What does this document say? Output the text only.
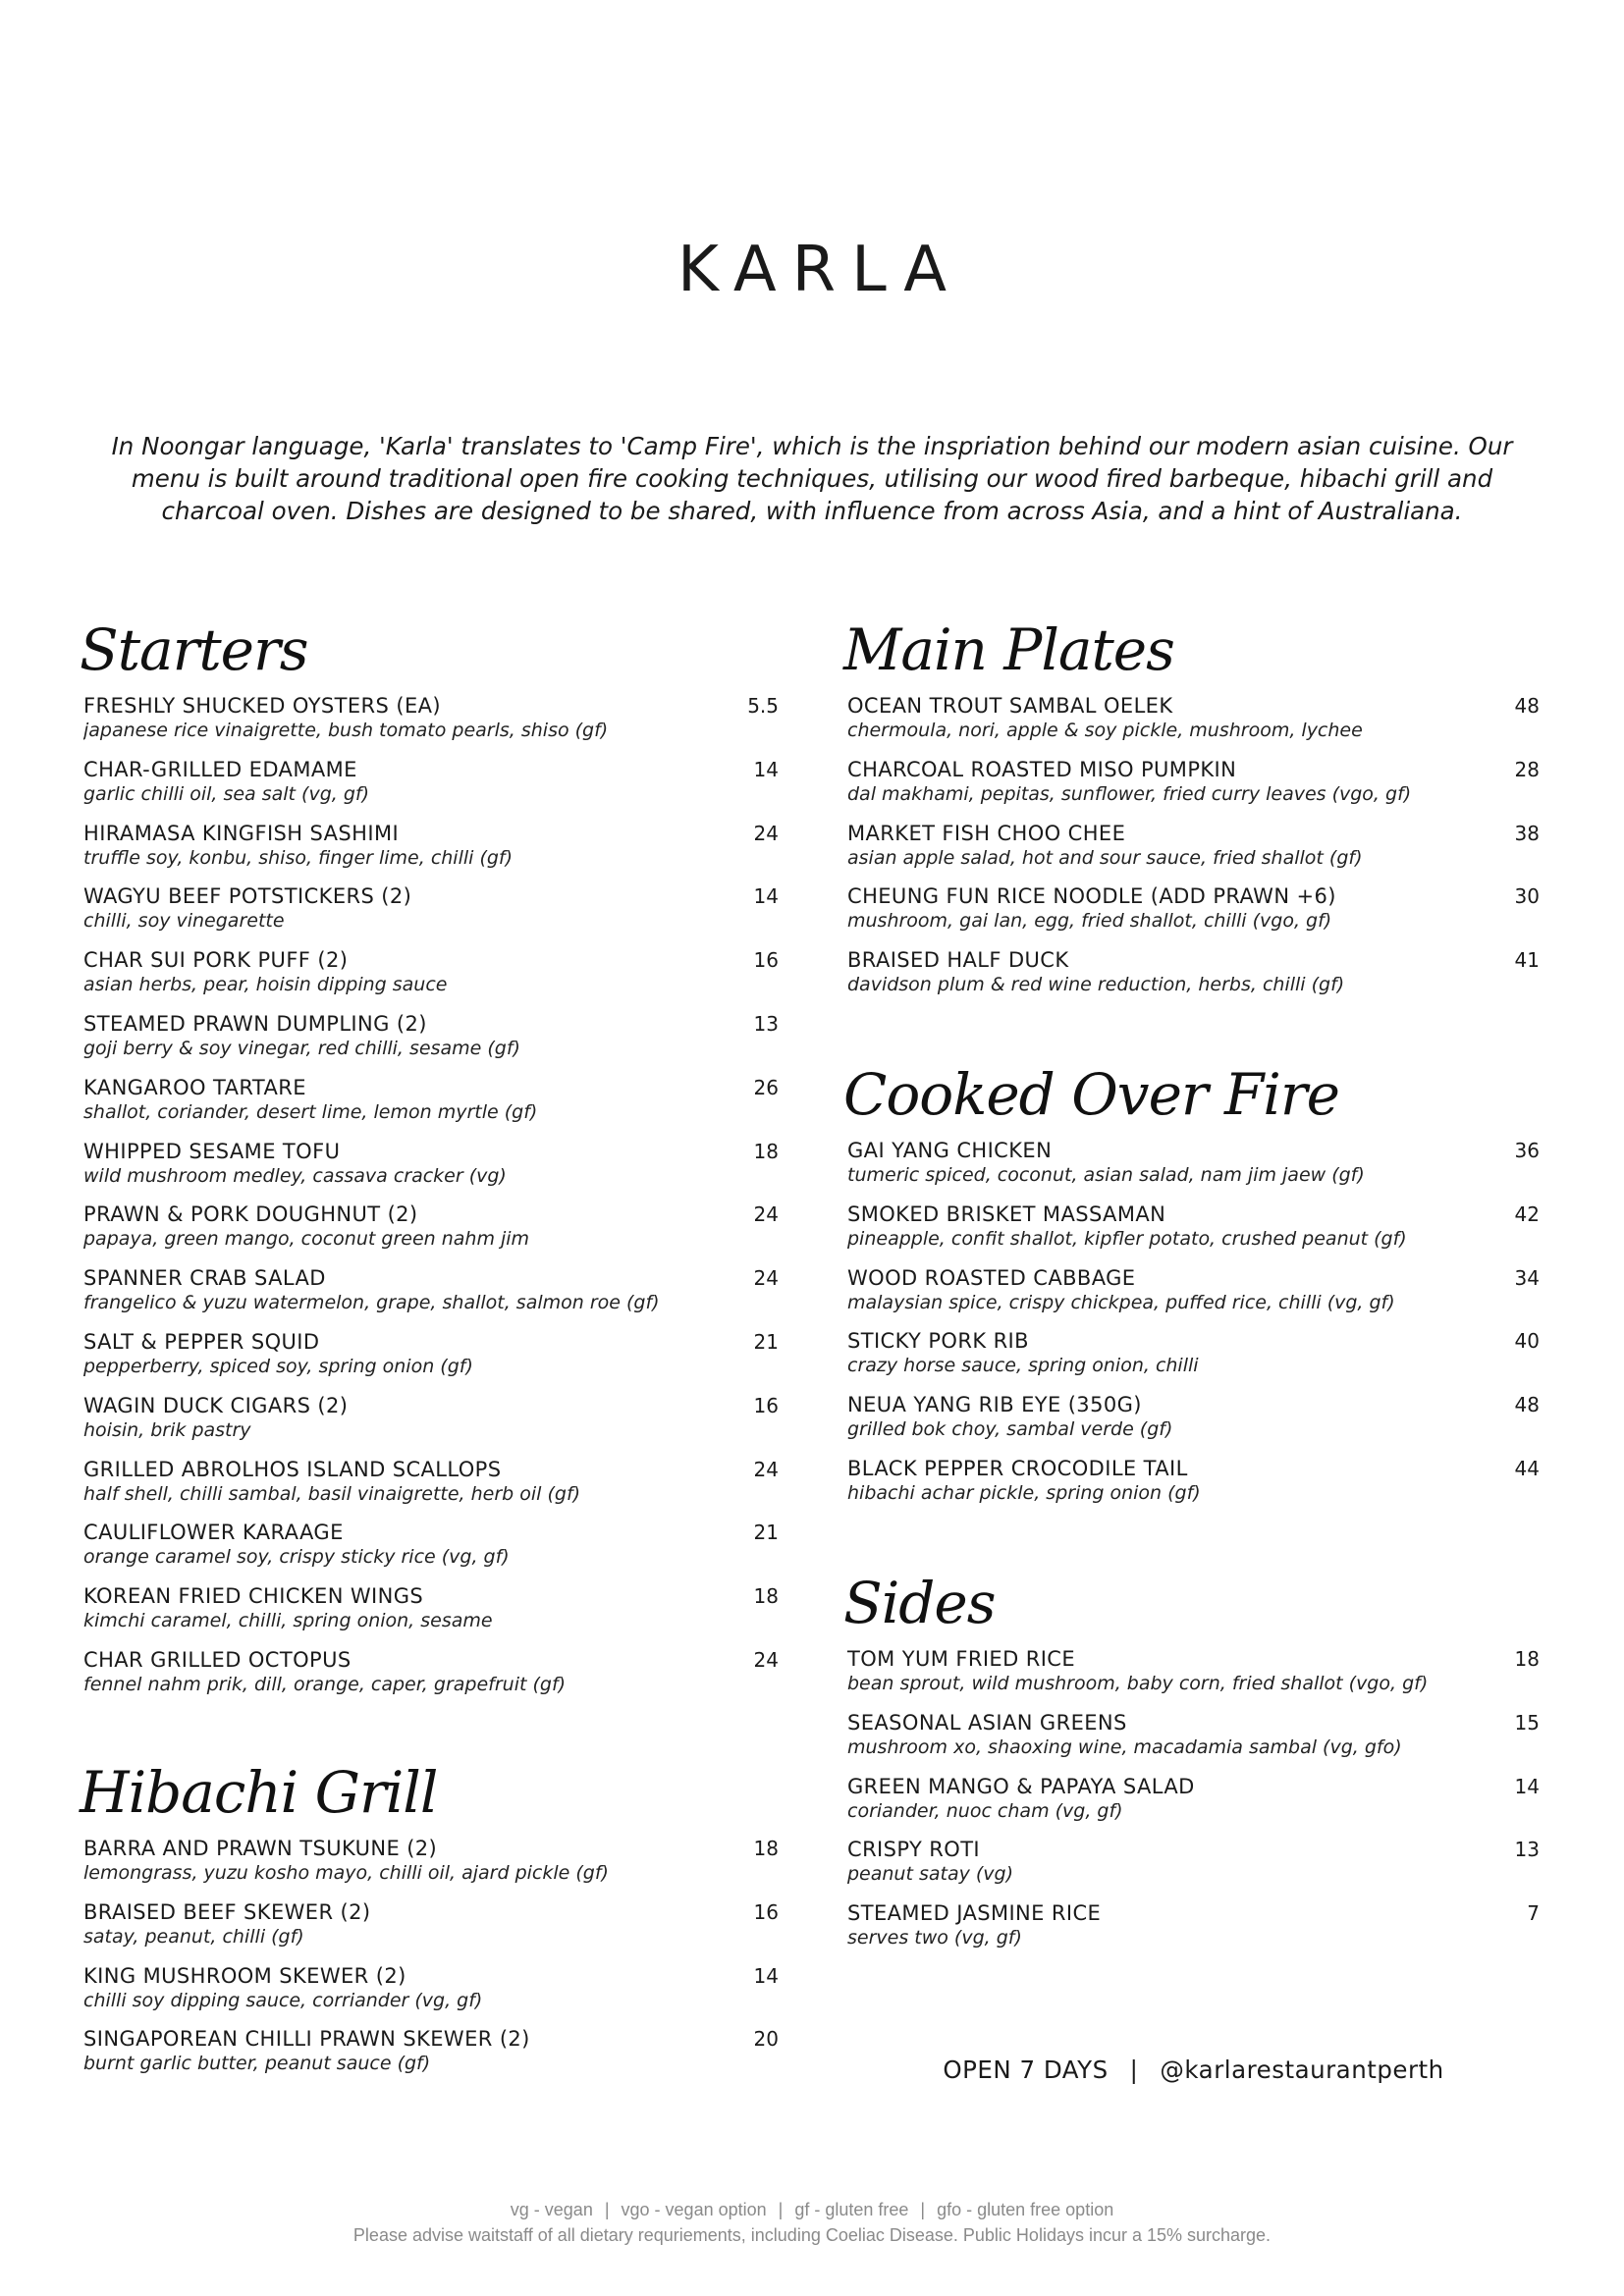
KARLA

In Noongar language, 'Karla' translates to 'Camp Fire', which is the inspriation behind our modern asian cuisine. Our menu is built around traditional open fire cooking techniques, utilising our wood fired barbeque, hibachi grill and charcoal oven. Dishes are designed to be shared, with influence from across Asia, and a hint of Australiana.

Starters
FRESHLY SHUCKED OYSTERS (EA)
japanese rice vinaigrette, bush tomato pearls, shiso (gf)
5.5
CHAR-GRILLED EDAMAME
garlic chilli oil, sea salt (vg, gf)
14
HIRAMASA KINGFISH SASHIMI
truffle soy, konbu, shiso, finger lime, chilli (gf)
24
WAGYU BEEF POTSTICKERS (2)
chilli, soy vinegarette
14
CHAR SUI PORK PUFF (2)
asian herbs, pear, hoisin dipping sauce
16
STEAMED PRAWN DUMPLING (2)
goji berry & soy vinegar, red chilli, sesame (gf)
13
KANGAROO TARTARE
shallot, coriander, desert lime, lemon myrtle (gf)
26
WHIPPED SESAME TOFU
wild mushroom medley, cassava cracker (vg)
18
PRAWN & PORK DOUGHNUT (2)
papaya, green mango, coconut green nahm jim
24
SPANNER CRAB SALAD
frangelico & yuzu watermelon, grape, shallot, salmon roe (gf)
24
SALT & PEPPER SQUID
pepperberry, spiced soy, spring onion (gf)
21
WAGIN DUCK CIGARS (2)
hoisin, brik pastry
16
GRILLED ABROLHOS ISLAND SCALLOPS
half shell, chilli sambal, basil vinaigrette, herb oil (gf)
24
CAULIFLOWER KARAAGE
orange caramel soy, crispy sticky rice (vg, gf)
21
KOREAN FRIED CHICKEN WINGS
kimchi caramel, chilli, spring onion, sesame
18
CHAR GRILLED OCTOPUS
fennel nahm prik, dill, orange, caper, grapefruit (gf)
24
Hibachi Grill
BARRA AND PRAWN TSUKUNE (2)
lemongrass, yuzu kosho mayo, chilli oil, ajard pickle (gf)
18
BRAISED BEEF SKEWER (2)
satay, peanut, chilli (gf)
16
KING MUSHROOM SKEWER (2)
chilli soy dipping sauce, corriander (vg, gf)
14
SINGAPOREAN CHILLI PRAWN SKEWER (2)
burnt garlic butter, peanut sauce (gf)
20
Main Plates
OCEAN TROUT SAMBAL OELEK
chermoula, nori, apple & soy pickle, mushroom, lychee
48
CHARCOAL ROASTED MISO PUMPKIN
dal makhami, pepitas, sunflower, fried curry leaves (vgo, gf)
28
MARKET FISH CHOO CHEE
asian apple salad, hot and sour sauce, fried shallot (gf)
38
CHEUNG FUN RICE NOODLE (ADD PRAWN +6)
mushroom, gai lan, egg, fried shallot, chilli (vgo, gf)
30
BRAISED HALF DUCK
davidson plum & red wine reduction, herbs, chilli (gf)
41
Cooked Over Fire
GAI YANG CHICKEN
tumeric spiced, coconut, asian salad, nam jim jaew (gf)
36
SMOKED BRISKET MASSAMAN
pineapple, confit shallot, kipfler potato, crushed peanut (gf)
42
WOOD ROASTED CABBAGE
malaysian spice, crispy chickpea, puffed rice, chilli (vg, gf)
34
STICKY PORK RIB
crazy horse sauce, spring onion, chilli
40
NEUA YANG RIB EYE (350G)
grilled bok choy, sambal verde (gf)
48
BLACK PEPPER CROCODILE TAIL
hibachi achar pickle, spring onion (gf)
44
Sides
TOM YUM FRIED RICE
bean sprout, wild mushroom, baby corn, fried shallot (vgo, gf)
18
SEASONAL ASIAN GREENS
mushroom xo, shaoxing wine, macadamia sambal (vg, gfo)
15
GREEN MANGO & PAPAYA SALAD
coriander, nuoc cham (vg, gf)
14
CRISPY ROTI
peanut satay (vg)
13
STEAMED JASMINE RICE
serves two (vg, gf)
7
OPEN 7 DAYS | @karlarestaurantperth
vg - vegan | vgo - vegan option | gf - gluten free | gfo - gluten free option
Please advise waitstaff of all dietary requriements, including Coeliac Disease. Public Holidays incur a 15% surcharge.
